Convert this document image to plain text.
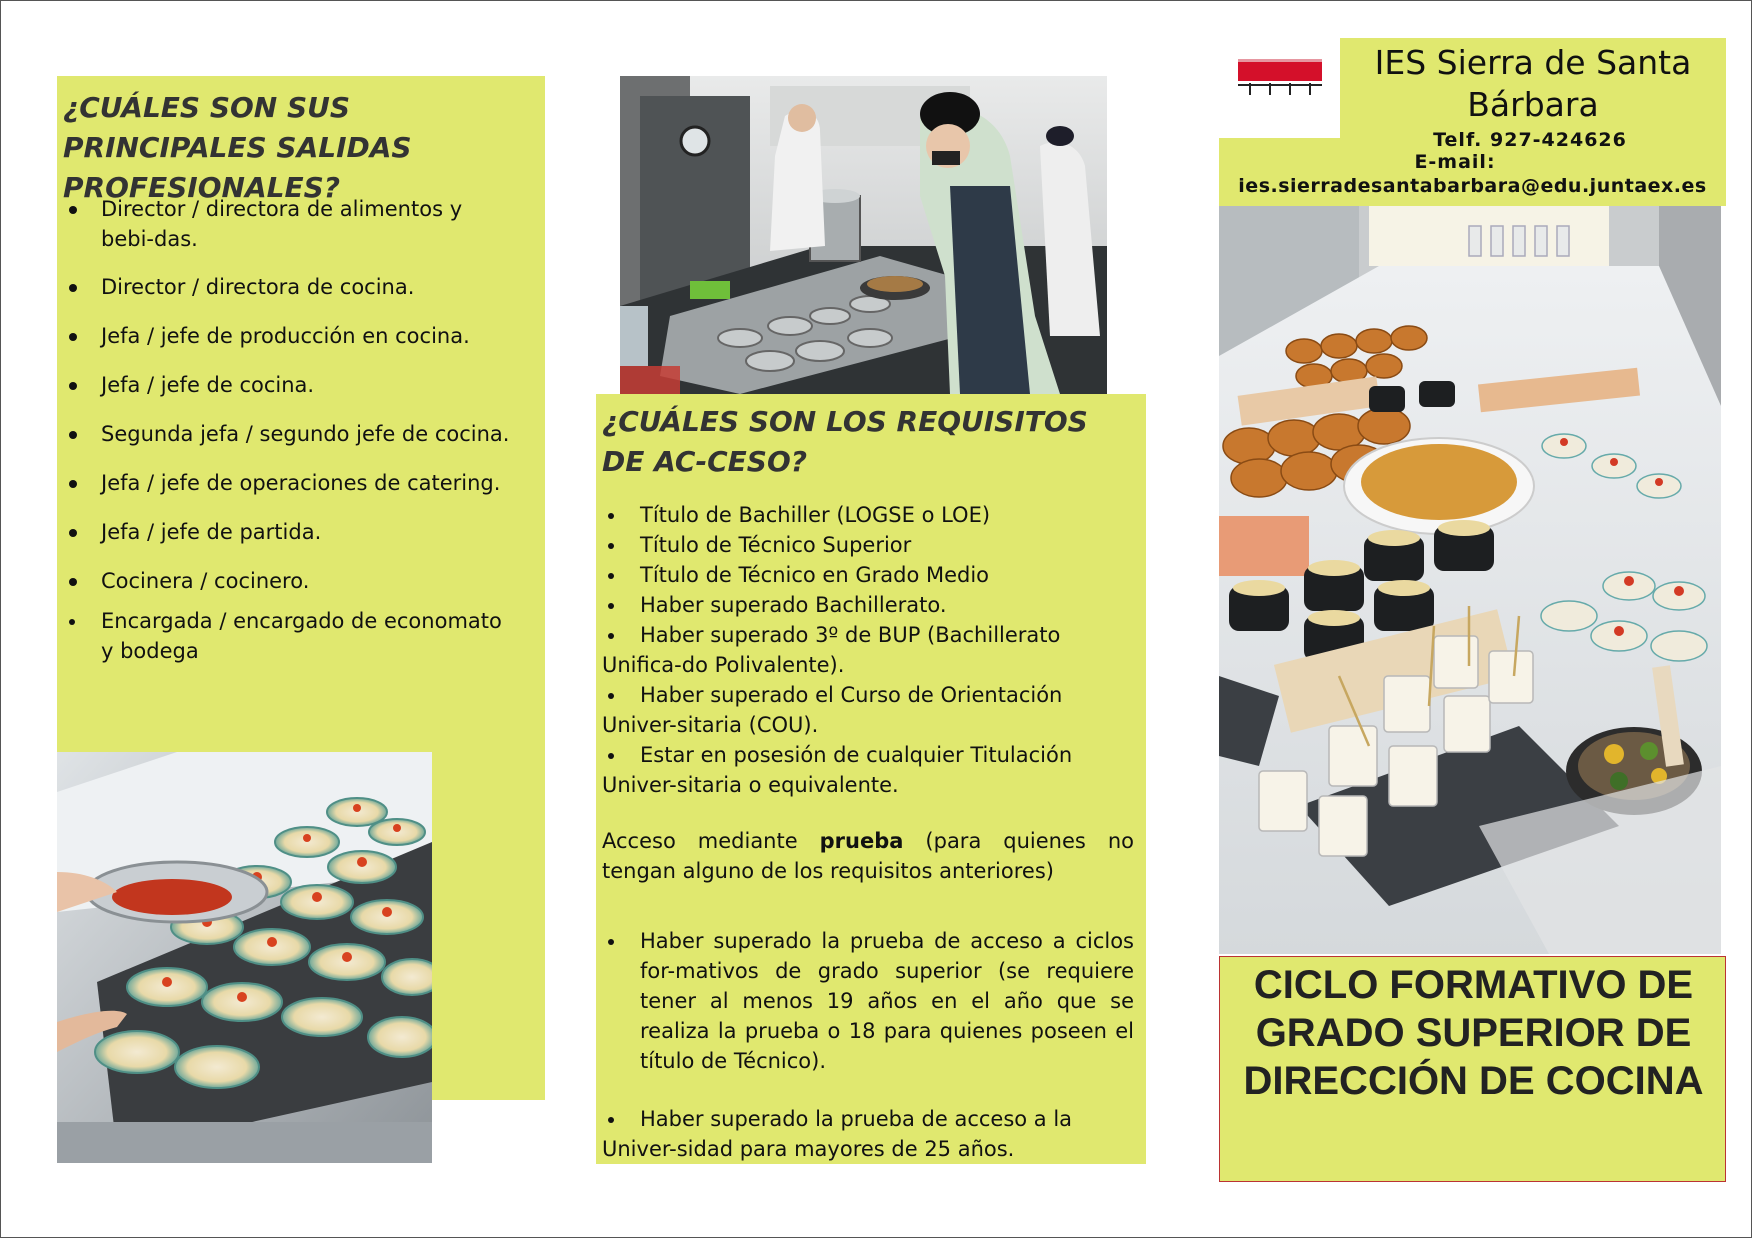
¿CUÁLES SON SUS PRINCIPALES SALIDAS PROFESIONALES?

Director / directora de alimentos y bebi-das.
Director / directora de cocina.
Jefa / jefe de producción en cocina.
Jefa / jefe de cocina.
Segunda jefa / segundo jefe de cocina.
Jefa / jefe de operaciones de catering.
Jefa / jefe de partida.
Cocinera / cocinero.
Encargada / encargado de economato y bodega

¿CUÁLES SON LOS REQUISITOS DE AC-CESO?

Título de Bachiller (LOGSE o LOE)
Título de Técnico Superior
Título de Técnico en Grado Medio
Haber superado Bachillerato.
Haber superado 3º de BUP (Bachillerato Unifica-do Polivalente).
Haber superado el Curso de Orientación Univer-sitaria (COU).
Estar en posesión de cualquier Titulación Univer-sitaria o equivalente.

Acceso mediante prueba (para quienes no tengan alguno de los requisitos anteriores)

Haber superado la prueba de acceso a ciclos for-mativos de grado superior (se requiere tener al menos 19 años en el año que se realiza la prueba o 18 para quienes poseen el título de Técnico).
Haber superado la prueba de acceso a la Univer-sidad para mayores de 25 años.
IES Sierra de Santa Bárbara
Telf. 927-424626
E-mail:
ies.sierradesantabarbara@edu.juntaex.es
CICLO FORMATIVO DE GRADO SUPERIOR DE DIRECCIÓN DE COCINA
